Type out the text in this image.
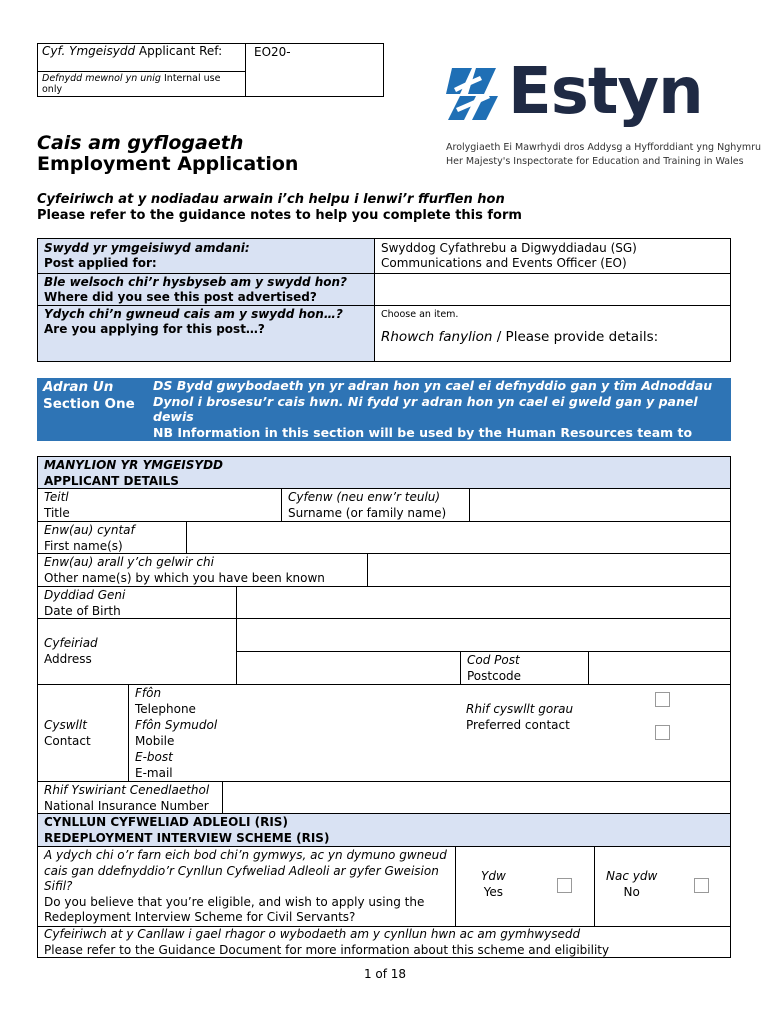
Cyf. Ymgeisydd Applicant Ref:
Defnydd mewnol yn unig Internal use only
EO20-
Estyn
Arolygiaeth Ei Mawrhydi dros Addysg a Hyfforddiant yng Nghymru
Her Majesty's Inspectorate for Education and Training in Wales
Cais am gyflogaeth
Employment Application
Cyfeiriwch at y nodiadau arwain i’ch helpu i lenwi’r ffurflen hon
Please refer to the guidance notes to help you complete this form
Swydd yr ymgeisiwyd amdani:
Post applied for:
Swyddog Cyfathrebu a Digwyddiadau (SG)
Communications and Events Officer (EO)
Ble welsoch chi’r hysbyseb am y swydd hon?
Where did you see this post advertised?
Ydych chi’n gwneud cais am y swydd hon…?
Are you applying for this post…?
Choose an item.
Rhowch fanylion / Please provide details:
Adran Un
Section One
DS Bydd gwybodaeth yn yr adran hon yn cael ei defnyddio gan y tîm Adnoddau Dynol i brosesu’r cais hwn. Ni fydd yr adran hon yn cael ei gweld gan y panel dewis
NB Information in this section will be used by the Human Resources team to process this application. This section will not be seen by the selection panel.
MANYLION YR YMGEISYDD
APPLICANT DETAILS
Teitl
Title
Cyfenw (neu enw’r teulu)
Surname (or family name)
Enw(au) cyntaf
First name(s)
Enw(au) arall y’ch gelwir chi
Other name(s) by which you have been known
Dyddiad Geni
Date of Birth
Cyfeiriad
Address	Cod Post
Postcode
Cyswllt
Contact
Ffôn
Telephone
Ffôn Symudol
Mobile
E-bost
E-mail
Rhif cyswllt gorau
Preferred contact
Rhif Yswiriant Cenedlaethol
National Insurance Number
CYNLLUN CYFWELIAD ADLEOLI (RIS)
REDEPLOYMENT INTERVIEW SCHEME (RIS)
A ydych chi o’r farn eich bod chi’n gymwys, ac yn dymuno gwneud cais gan ddefnyddio’r Cynllun Cyfweliad Adleoli ar gyfer Gweision Sifil?
Do you believe that you’re eligible, and wish to apply using the Redeployment Interview Scheme for Civil Servants?
Ydw
Yes
Nac ydw
No
Cyfeiriwch at y Canllaw i gael rhagor o wybodaeth am y cynllun hwn ac am gymhwysedd
Please refer to the Guidance Document for more information about this scheme and eligibility
1 of 18
